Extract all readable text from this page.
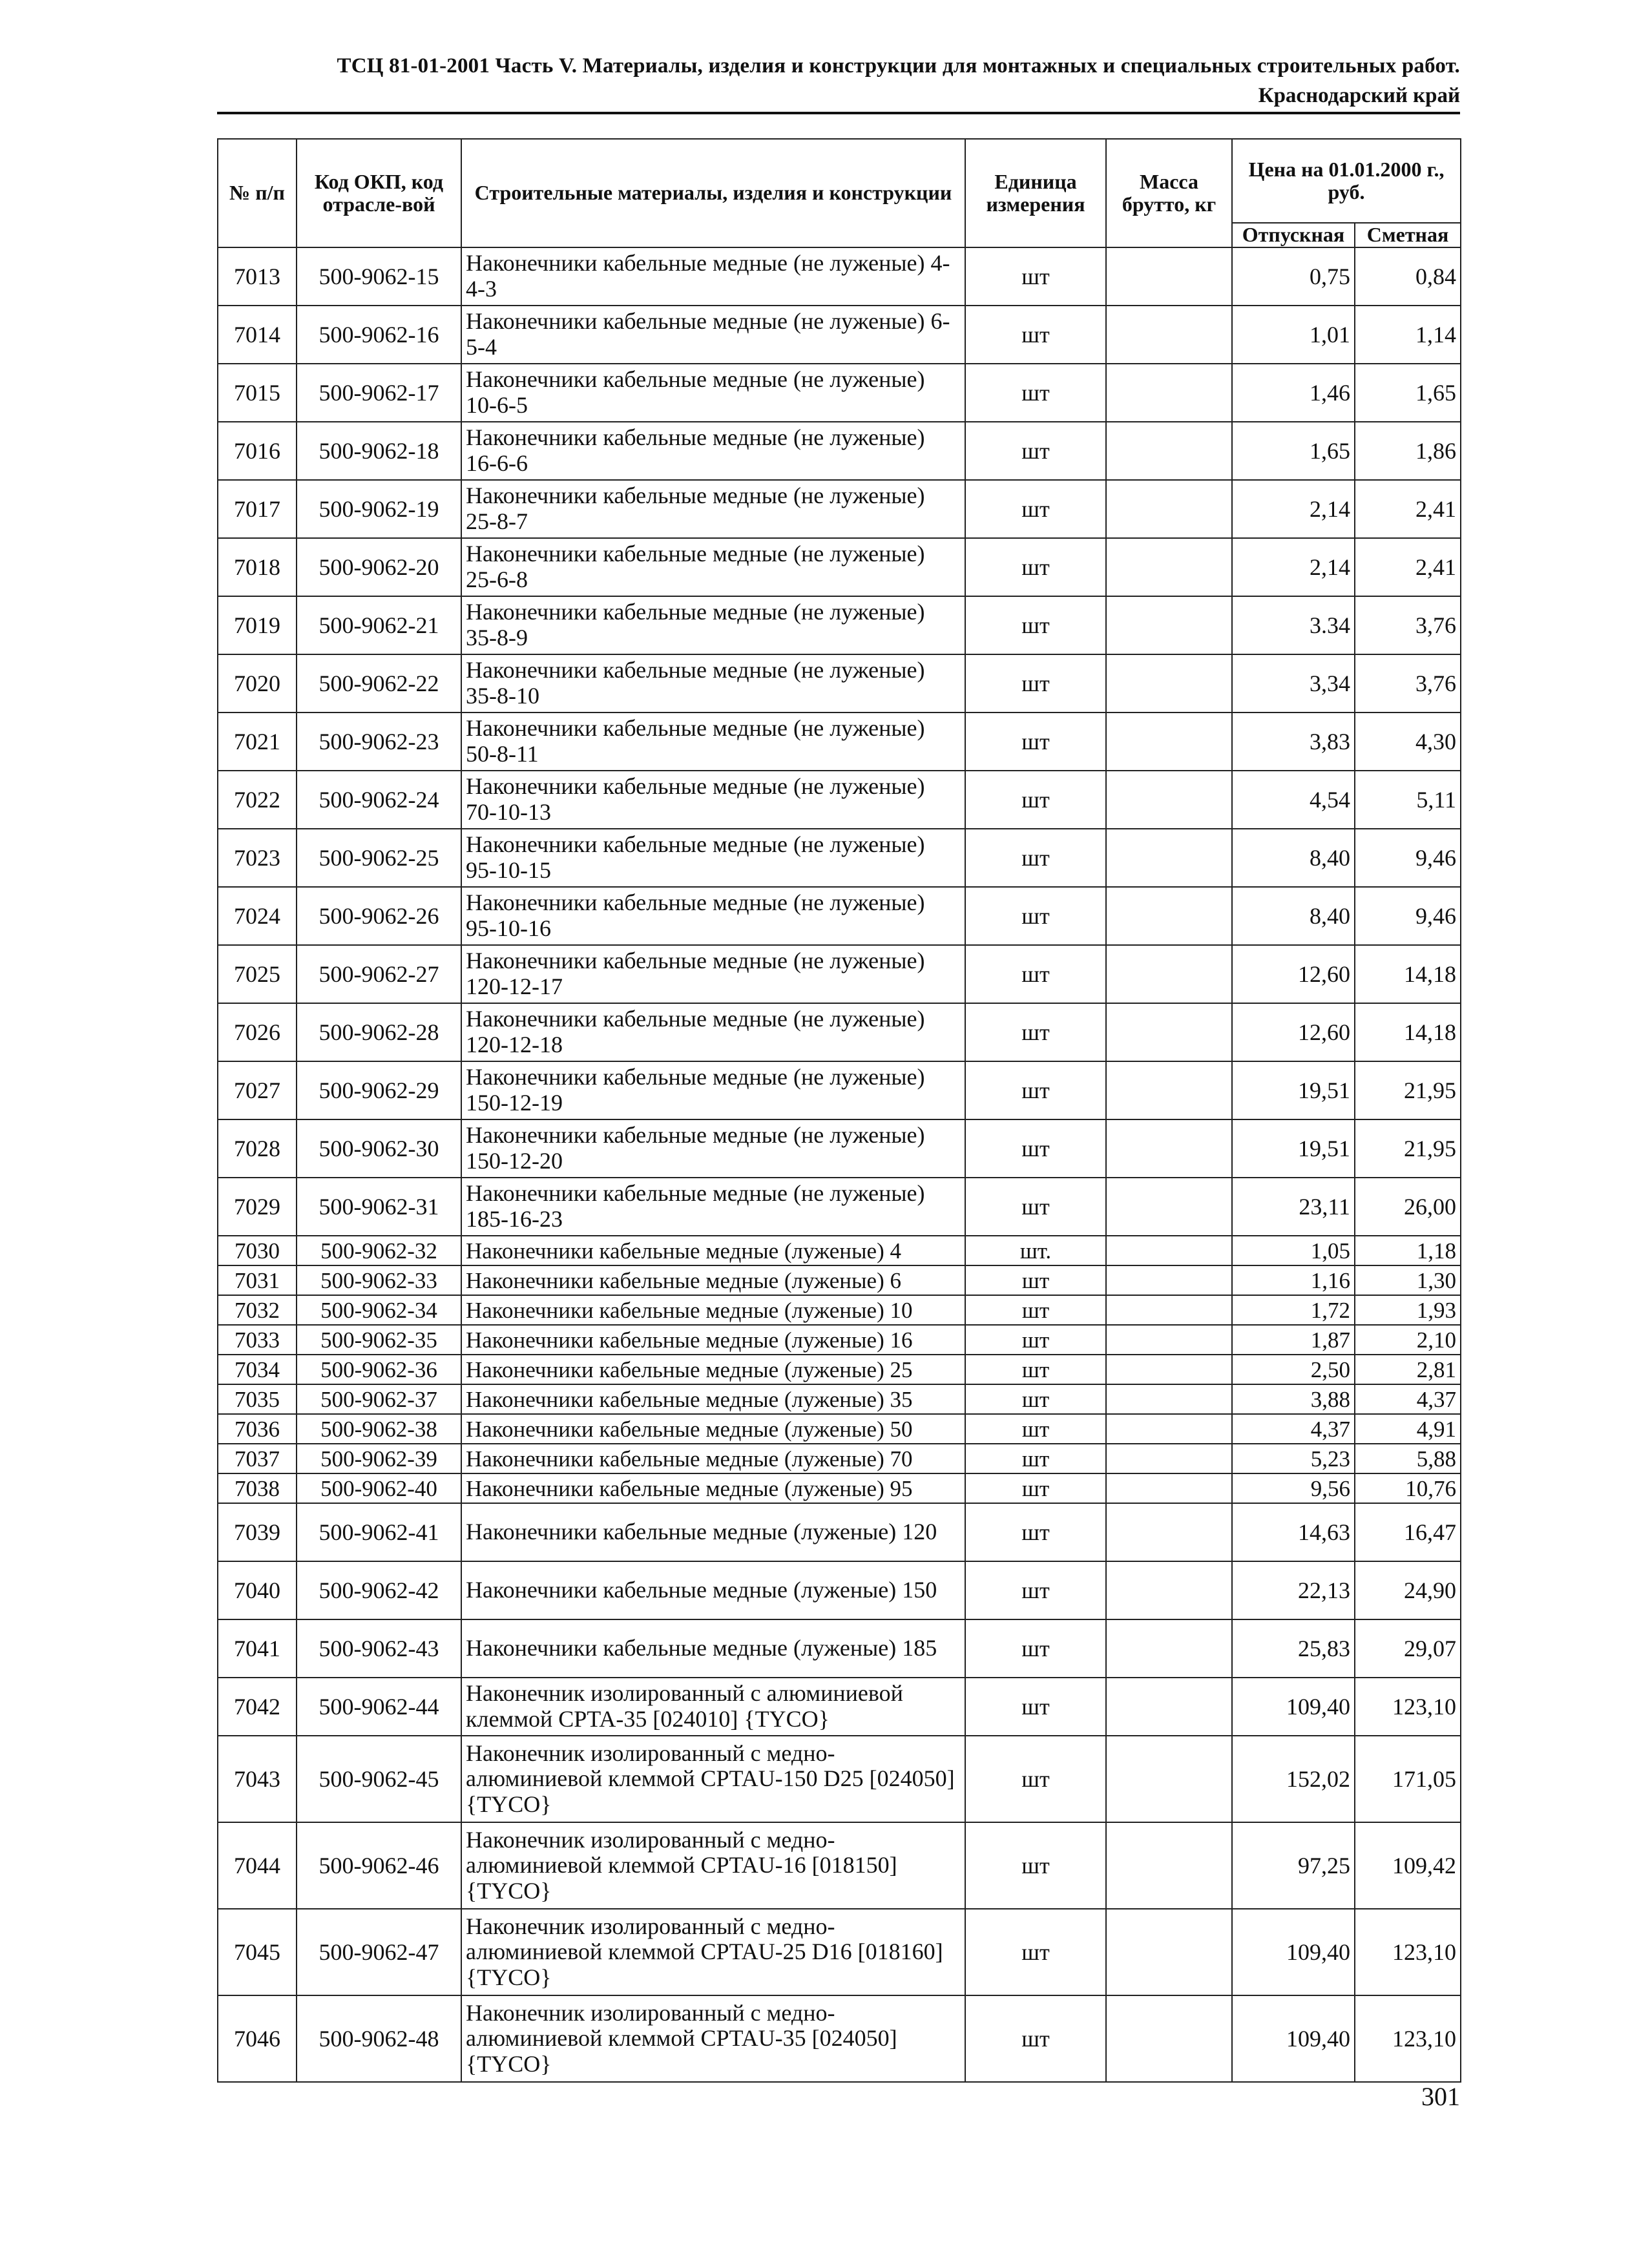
ТСЦ 81-01-2001 Часть V. Материалы, изделия и конструкции для монтажных и специальных строительных работ.
Краснодарский край
№ п/п	Код ОКП, код отрасле-вой	Строительные материалы, изделия и конструкции	Единица измерения	Масса брутто, кг	Цена на 01.01.2000 г., руб.	
					Отпускная	Сметная
7013	500-9062-15	Наконечники кабельные медные (не луженые) 4-4-3	шт		0,75	0,84
7014	500-9062-16	Наконечники кабельные медные (не луженые) 6-5-4	шт		1,01	1,14
7015	500-9062-17	Наконечники кабельные медные (не луженые) 10-6-5	шт		1,46	1,65
7016	500-9062-18	Наконечники кабельные медные (не луженые) 16-6-6	шт		1,65	1,86
7017	500-9062-19	Наконечники кабельные медные (не луженые) 25-8-7	шт		2,14	2,41
7018	500-9062-20	Наконечники кабельные медные (не луженые) 25-6-8	шт		2,14	2,41
7019	500-9062-21	Наконечники кабельные медные (не луженые) 35-8-9	шт		3.34	3,76
7020	500-9062-22	Наконечники кабельные медные (не луженые) 35-8-10	шт		3,34	3,76
7021	500-9062-23	Наконечники кабельные медные (не луженые) 50-8-11	шт		3,83	4,30
7022	500-9062-24	Наконечники кабельные медные (не луженые) 70-10-13	шт		4,54	5,11
7023	500-9062-25	Наконечники кабельные медные (не луженые) 95-10-15	шт		8,40	9,46
7024	500-9062-26	Наконечники кабельные медные (не луженые) 95-10-16	шт		8,40	9,46
7025	500-9062-27	Наконечники кабельные медные (не луженые) 120-12-17	шт		12,60	14,18
7026	500-9062-28	Наконечники кабельные медные (не луженые) 120-12-18	шт		12,60	14,18
7027	500-9062-29	Наконечники кабельные медные (не луженые) 150-12-19	шт		19,51	21,95
7028	500-9062-30	Наконечники кабельные медные (не луженые) 150-12-20	шт		19,51	21,95
7029	500-9062-31	Наконечники кабельные медные (не луженые) 185-16-23	шт		23,11	26,00
7030	500-9062-32	Наконечники кабельные медные (луженые) 4	шт.		1,05	1,18
7031	500-9062-33	Наконечники кабельные медные (луженые) 6	шт		1,16	1,30
7032	500-9062-34	Наконечники кабельные медные (луженые) 10	шт		1,72	1,93
7033	500-9062-35	Наконечники кабельные медные (луженые) 16	шт		1,87	2,10
7034	500-9062-36	Наконечники кабельные медные (луженые) 25	шт		2,50	2,81
7035	500-9062-37	Наконечники кабельные медные (луженые) 35	шт		3,88	4,37
7036	500-9062-38	Наконечники кабельные медные (луженые) 50	шт		4,37	4,91
7037	500-9062-39	Наконечники кабельные медные (луженые) 70	шт		5,23	5,88
7038	500-9062-40	Наконечники кабельные медные (луженые) 95	шт		9,56	10,76
7039	500-9062-41	Наконечники кабельные медные (луженые) 120	шт		14,63	16,47
7040	500-9062-42	Наконечники кабельные медные (луженые) 150	шт		22,13	24,90
7041	500-9062-43	Наконечники кабельные медные (луженые) 185	шт		25,83	29,07
7042	500-9062-44	Наконечник изолированный с алюминиевой клеммой CPTA-35 [024010] {TYCO}	шт		109,40	123,10
7043	500-9062-45	Наконечник изолированный с медно-алюминиевой клеммой CPTAU-150 D25 [024050] {TYCO}	шт		152,02	171,05
7044	500-9062-46	Наконечник изолированный с медно-алюминиевой клеммой CPTAU-16 [018150] {TYCO}	шт		97,25	109,42
7045	500-9062-47	Наконечник изолированный с медно-алюминиевой клеммой CPTAU-25 D16 [018160] {TYCO}	шт		109,40	123,10
7046	500-9062-48	Наконечник изолированный с медно-алюминиевой клеммой CPTAU-35 [024050] {TYCO}	шт		109,40	123,10
301
